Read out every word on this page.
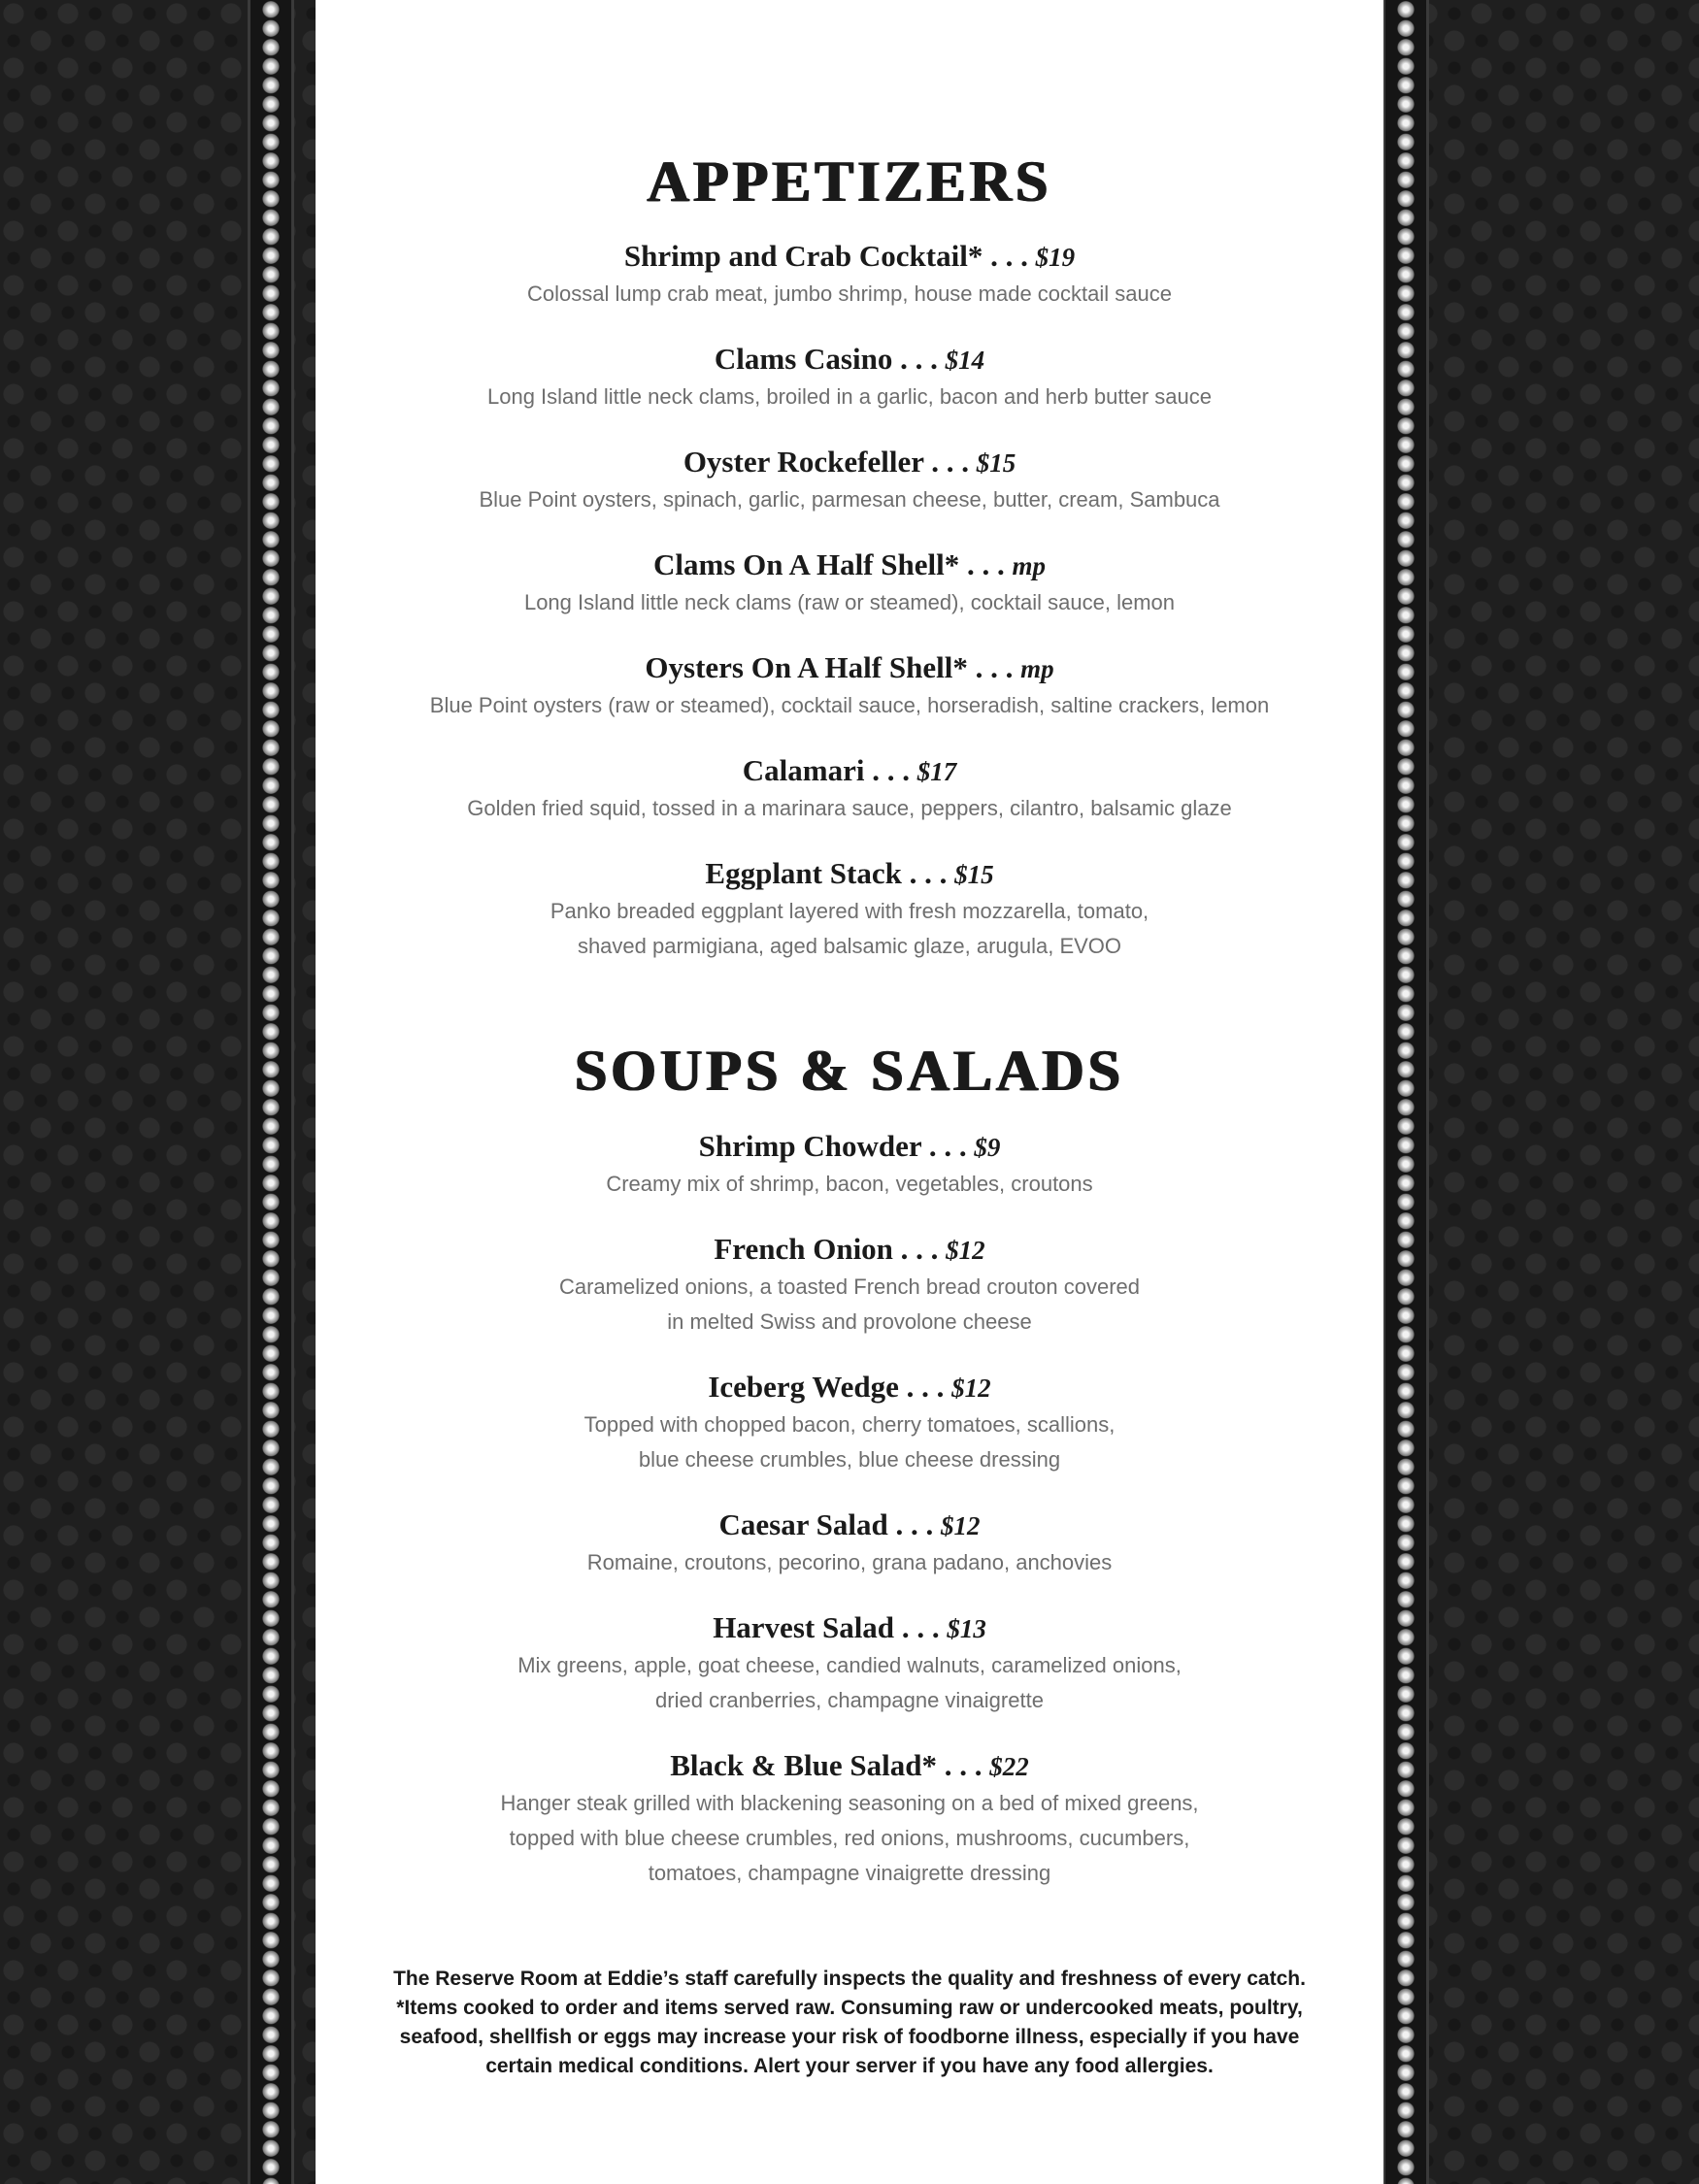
APPETIZERS
Shrimp and Crab Cocktail* . . . $19
Colossal lump crab meat, jumbo shrimp, house made cocktail sauce
Clams Casino . . . $14
Long Island little neck clams, broiled in a garlic, bacon and herb butter sauce
Oyster Rockefeller . . . $15
Blue Point oysters, spinach, garlic, parmesan cheese, butter, cream, Sambuca
Clams On A Half Shell* . . . mp
Long Island little neck clams (raw or steamed), cocktail sauce, lemon
Oysters On A Half Shell* . . . mp
Blue Point oysters (raw or steamed), cocktail sauce, horseradish, saltine crackers, lemon
Calamari . . . $17
Golden fried squid, tossed in a marinara sauce, peppers, cilantro, balsamic glaze
Eggplant Stack . . . $15
Panko breaded eggplant layered with fresh mozzarella, tomato,
shaved parmigiana, aged balsamic glaze, arugula, EVOO
SOUPS & SALADS
Shrimp Chowder . . . $9
Creamy mix of shrimp, bacon, vegetables, croutons
French Onion . . . $12
Caramelized onions, a toasted French bread crouton covered
in melted Swiss and provolone cheese
Iceberg Wedge . . . $12
Topped with chopped bacon, cherry tomatoes, scallions,
blue cheese crumbles, blue cheese dressing
Caesar Salad . . . $12
Romaine, croutons, pecorino, grana padano, anchovies
Harvest Salad . . . $13
Mix greens, apple, goat cheese, candied walnuts, caramelized onions,
dried cranberries, champagne vinaigrette
Black & Blue Salad* . . . $22
Hanger steak grilled with blackening seasoning on a bed of mixed greens,
topped with blue cheese crumbles, red onions, mushrooms, cucumbers,
tomatoes, champagne vinaigrette dressing
The Reserve Room at Eddie’s staff carefully inspects the quality and freshness of every catch.
*Items cooked to order and items served raw. Consuming raw or undercooked meats, poultry,
seafood, shellfish or eggs may increase your risk of foodborne illness, especially if you have
certain medical conditions. Alert your server if you have any food allergies.
